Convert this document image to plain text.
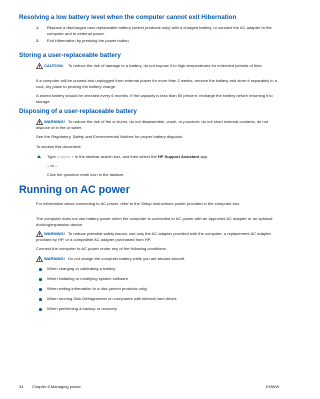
Resolving a low battery level when the computer cannot exit Hibernation
1. Replace a discharged user-replaceable battery (select products only) with a charged battery, or connect the AC adapter to the computer and to external power.
2. Exit Hibernation by pressing the power button.
Storing a user-replaceable battery
CAUTION:	To reduce the risk of damage to a battery, do not expose it to high temperatures for extended periods of time.
If a computer will be unused and unplugged from external power for more than 2 weeks, remove the battery and store it separately in a cool, dry place to prolong the battery charge.
A stored battery should be checked every 6 months. If the capacity is less than 50 percent, recharge the battery before returning it to storage.
Disposing of a user-replaceable battery
WARNING! To reduce the risk of fire or burns, do not disassemble, crush, or puncture; do not short external contacts; do not dispose of in fire or water.
See the Regulatory, Safety and Environmental Notices for proper battery disposal.
To access this document:
Type support in the taskbar search box, and then select the HP Support Assistant app.
– or –
Click the question mark icon in the taskbar.
Running on AC power
For information about connecting to AC power, refer to the Setup Instructions poster provided in the computer box.
The computer does not use battery power when the computer is connected to AC power with an approved AC adapter or an optional docking/expansion device.
WARNING! To reduce potential safety issues, use only the AC adapter provided with the computer, a replacement AC adapter provided by HP, or a compatible AC adapter purchased from HP.
Connect the computer to AC power under any of the following conditions:
WARNING! Do not charge the computer battery while you are aboard aircraft.
When charging or calibrating a battery
When installing or modifying system software
When writing information to a disc (select products only)
When running Disk Defragmenter on computers with internal hard drives
When performing a backup or recovery
34 Chapter 6 Managing power	ENWW
